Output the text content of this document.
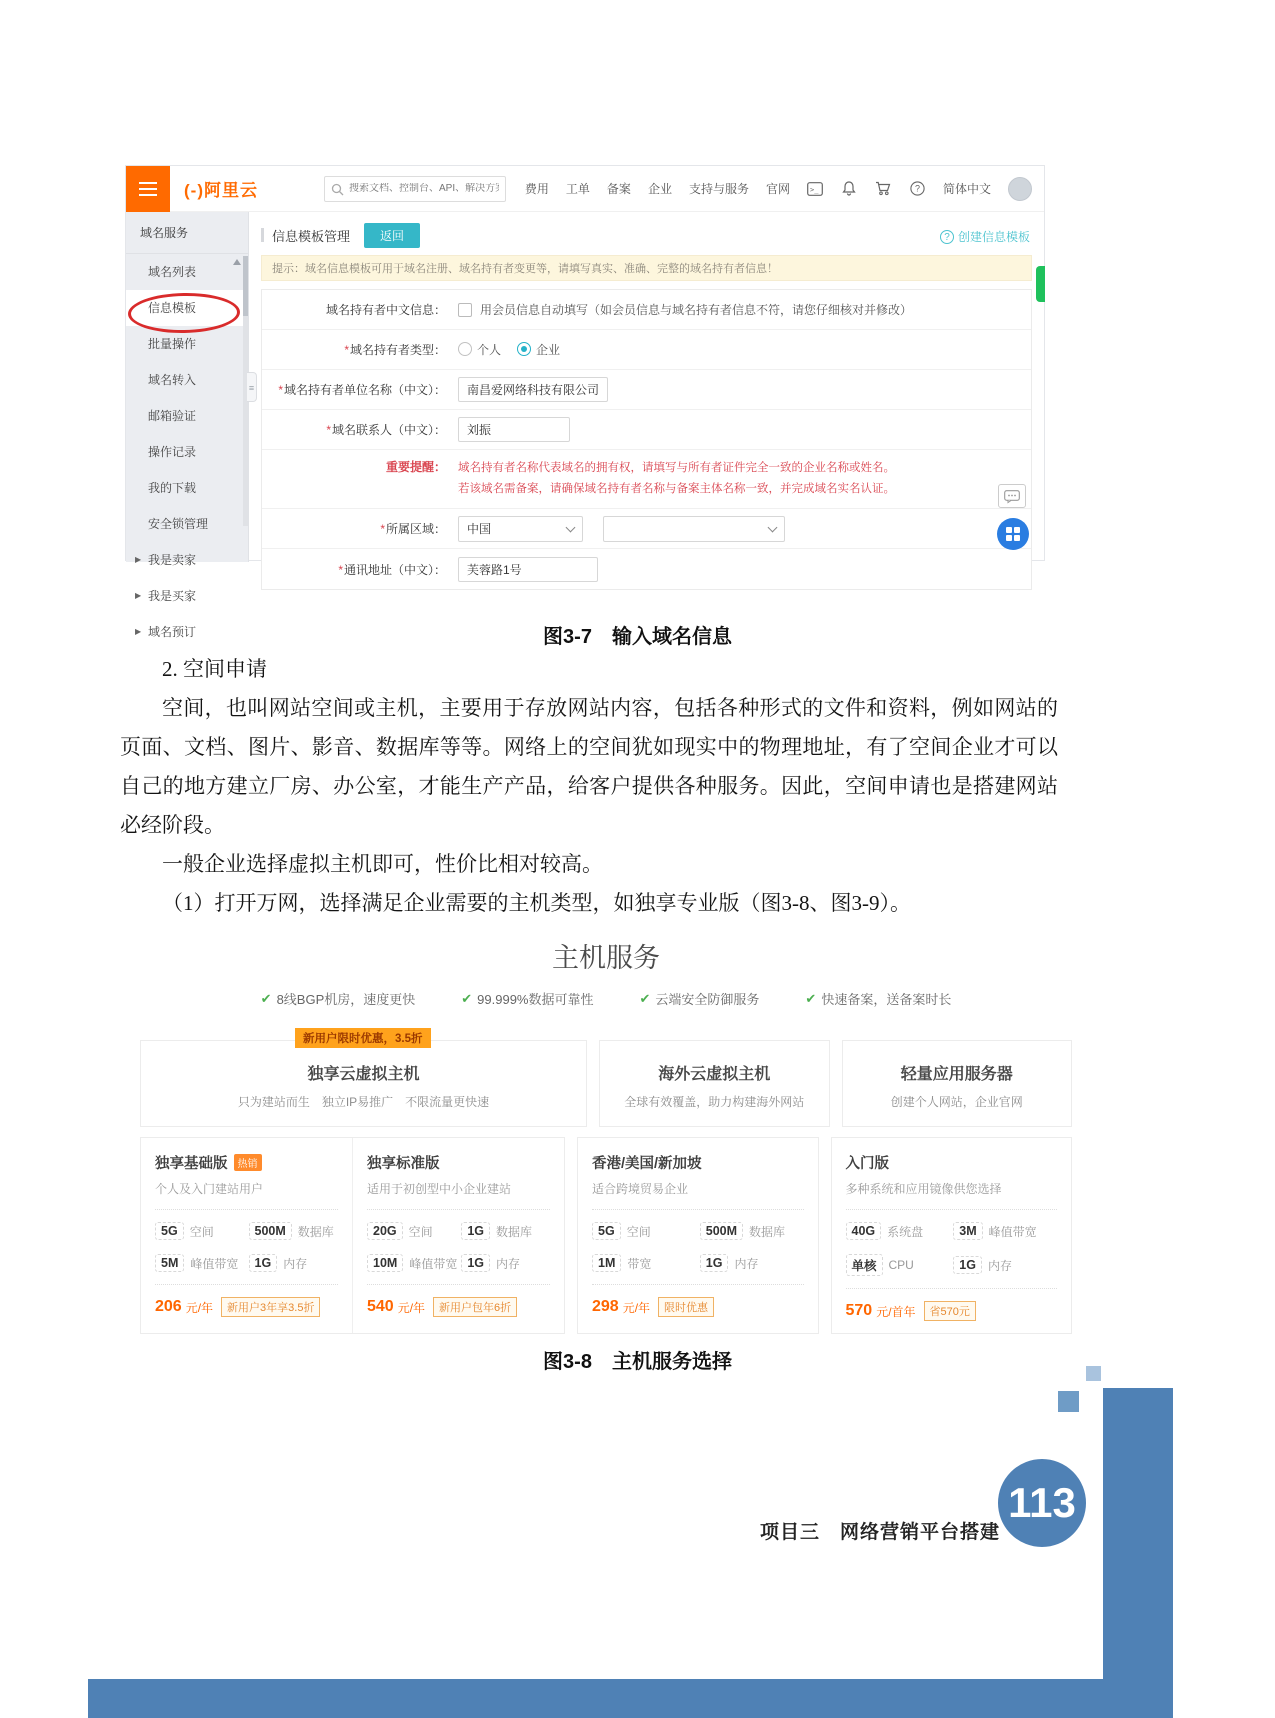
(-)阿里云
搜索文档、控制台、API、解决方案和资源	费用 工单 备案 企业 支持与服务 官网	>_	? 简体中文
域名服务
域名列表
信息模板
批量操作
域名转入
邮箱验证
操作记录
我的下载
安全锁管理
▶ 我是卖家
▶ 我是买家
▶ 域名预订
≡
信息模板管理	返回	? 创建信息模板
提示：域名信息模板可用于域名注册、域名持有者变更等，请填写真实、准确、完整的域名持有者信息！
域名持有者中文信息：	用会员信息自动填写（如会员信息与域名持有者信息不符，请您仔细核对并修改）
*域名持有者类型：	个人	企业
*域名持有者单位名称（中文）：
南昌爱网络科技有限公司
*域名联系人（中文）：
刘振
重要提醒：	域名持有者名称代表域名的拥有权，请填写与所有者证件完全一致的企业名称或姓名。
若该域名需备案，请确保域名持有者名称与备案主体名称一致，并完成域名实名认证。
*所属区域：	中国
*通讯地址（中文）：
芙蓉路1号
图3-7　输入域名信息

2. 空间申请

空间，也叫网站空间或主机，主要用于存放网站内容，包括各种形式的文件和资料，例如网站的页面、文档、图片、影音、数据库等等。网络上的空间犹如现实中的物理地址，有了空间企业才可以自己的地方建立厂房、办公室，才能生产产品，给客户提供各种服务。因此，空间申请也是搭建网站必经阶段。

一般企业选择虚拟主机即可，性价比相对较高。

（1）打开万网，选择满足企业需要的主机类型，如独享专业版（图3-8、图3-9）。

主机服务
✔ 8线BGP机房，速度更快	✔ 99.999%数据可靠性	✔ 云端安全防御服务	✔ 快速备案，送备案时长
新用户限时优惠，3.5折
独享云虚拟主机
只为建站而生　独立IP易推广　不限流量更快速
海外云虚拟主机
全球有效覆盖，助力构建海外网站
轻量应用服务器
创建个人网站，企业官网
独享基础版	热销
个人及入门建站用户
5G	空间	500M	数据库
5M	峰值带宽	1G	内存
206 元/年	新用户3年享3.5折
独享标准版
适用于初创型中小企业建站
20G	空间	1G	数据库
10M	峰值带宽 1G	内存
540 元/年	新用户包年6折
香港/美国/新加坡
适合跨境贸易企业
5G	空间	500M	数据库
1M	带宽	1G	内存
298 元/年	限时优惠
入门版
多种系统和应用镜像供您选择
40G	系统盘	3M	峰值带宽
单核	CPU	1G	内存
570 元/首年	省570元
图3-8　主机服务选择
113
项目三　网络营销平台搭建
